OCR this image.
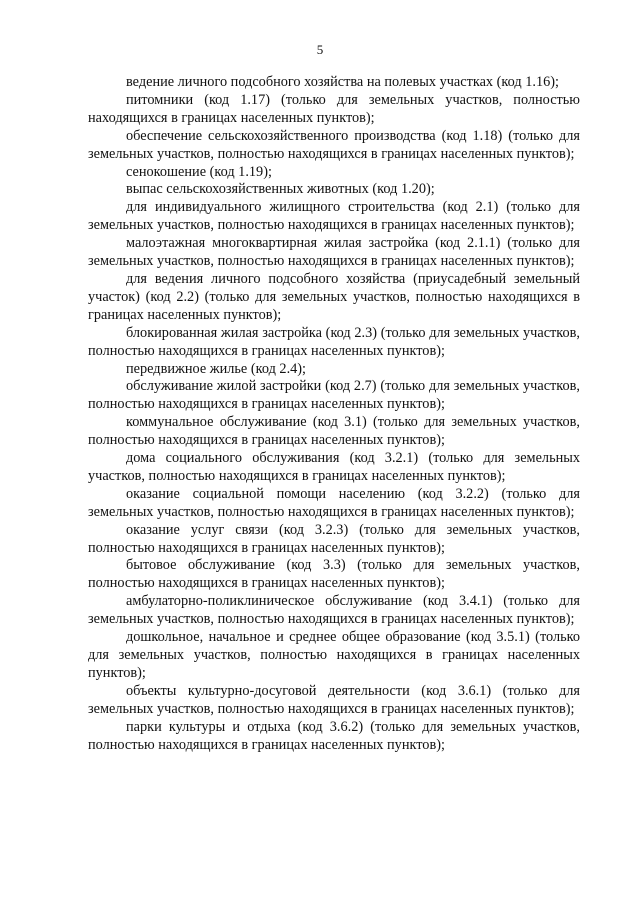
5

ведение личного подсобного хозяйства на полевых участках (код 1.16);

питомники (код 1.17) (только для земельных участков, полностью находящихся в границах населенных пунктов);

обеспечение сельскохозяйственного производства (код 1.18) (только для земельных участков, полностью находящихся в границах населенных пунктов);

сенокошение (код 1.19);

выпас сельскохозяйственных животных (код 1.20);

для индивидуального жилищного строительства (код 2.1) (только для земельных участков, полностью находящихся в границах населенных пунктов);

малоэтажная многоквартирная жилая застройка (код 2.1.1) (только для земельных участков, полностью находящихся в границах населенных пунктов);

для ведения личного подсобного хозяйства (приусадебный земельный участок) (код 2.2) (только для земельных участков, полностью находящихся в границах населенных пунктов);

блокированная жилая застройка (код 2.3) (только для земельных участков, полностью находящихся в границах населенных пунктов);

передвижное жилье (код 2.4);

обслуживание жилой застройки (код 2.7) (только для земельных участков, полностью находящихся в границах населенных пунктов);

коммунальное обслуживание (код 3.1) (только для земельных участков, полностью находящихся в границах населенных пунктов);

дома социального обслуживания (код 3.2.1) (только для земельных участков, полностью находящихся в границах населенных пунктов);

оказание социальной помощи населению (код 3.2.2) (только для земельных участков, полностью находящихся в границах населенных пунктов);

оказание услуг связи (код 3.2.3) (только для земельных участков, полностью находящихся в границах населенных пунктов);

бытовое обслуживание (код 3.3) (только для земельных участков, полностью находящихся в границах населенных пунктов);

амбулаторно-поликлиническое обслуживание (код 3.4.1) (только для земельных участков, полностью находящихся в границах населенных пунктов);

дошкольное, начальное и среднее общее образование (код 3.5.1) (только для земельных участков, полностью находящихся в границах населенных пунктов);

объекты культурно-досуговой деятельности (код 3.6.1) (только для земельных участков, полностью находящихся в границах населенных пунктов);

парки культуры и отдыха (код 3.6.2) (только для земельных участков, полностью находящихся в границах населенных пунктов);
